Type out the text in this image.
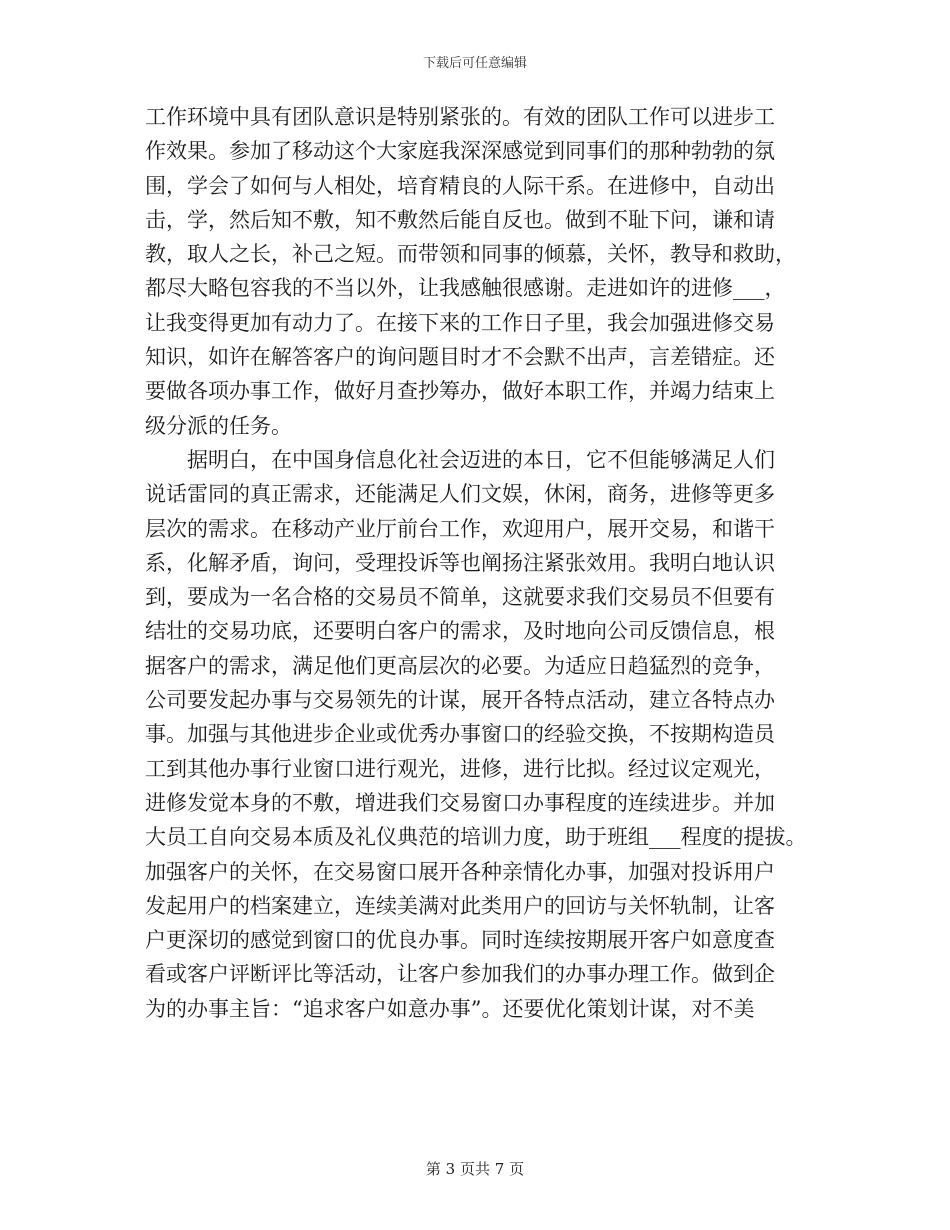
下载后可任意编辑
工作环境中具有团队意识是特别紧张的。有效的团队工作可以进步工
作效果。参加了移动这个大家庭我深深感觉到同事们的那种勃勃的氛
围，学会了如何与人相处，培育精良的人际干系。在进修中，自动出
击，学，然后知不敷，知不敷然后能自反也。做到不耻下问，谦和请
教，取人之长，补己之短。而带领和同事的倾慕，关怀，教导和救助，
都尽大略包容我的不当以外，让我感触很感谢。走进如许的进修___，
让我变得更加有动力了。在接下来的工作日子里，我会加强进修交易
知识，如许在解答客户的询问题目时才不会默不出声，言差错症。还
要做各项办事工作，做好月查抄筹办，做好本职工作，并竭力结束上
级分派的任务。
据明白，在中国身信息化社会迈进的本日，它不但能够满足人们
说话雷同的真正需求，还能满足人们文娱，休闲，商务，进修等更多
层次的需求。在移动产业厅前台工作，欢迎用户，展开交易，和谐干
系，化解矛盾，询问，受理投诉等也阐扬注紧张效用。我明白地认识
到，要成为一名合格的交易员不简单，这就要求我们交易员不但要有
结壮的交易功底，还要明白客户的需求，及时地向公司反馈信息，根
据客户的需求，满足他们更高层次的必要。为适应日趋猛烈的竞争，
公司要发起办事与交易领先的计谋，展开各特点活动，建立各特点办
事。加强与其他进步企业或优秀办事窗口的经验交换，不按期构造员
工到其他办事行业窗口进行观光，进修，进行比拟。经过议定观光，
进修发觉本身的不敷，增进我们交易窗口办事程度的连续进步。并加
大员工自向交易本质及礼仪典范的培训力度，助于班组___程度的提拔。
加强客户的关怀，在交易窗口展开各种亲情化办事，加强对投诉用户
发起用户的档案建立，连续美满对此类用户的回访与关怀轨制，让客
户更深切的感觉到窗口的优良办事。同时连续按期展开客户如意度查
看或客户评断评比等活动，让客户参加我们的办事办理工作。做到企
为的办事主旨：“追求客户如意办事”。还要优化策划计谋，对不美
第 3 页共 7 页
